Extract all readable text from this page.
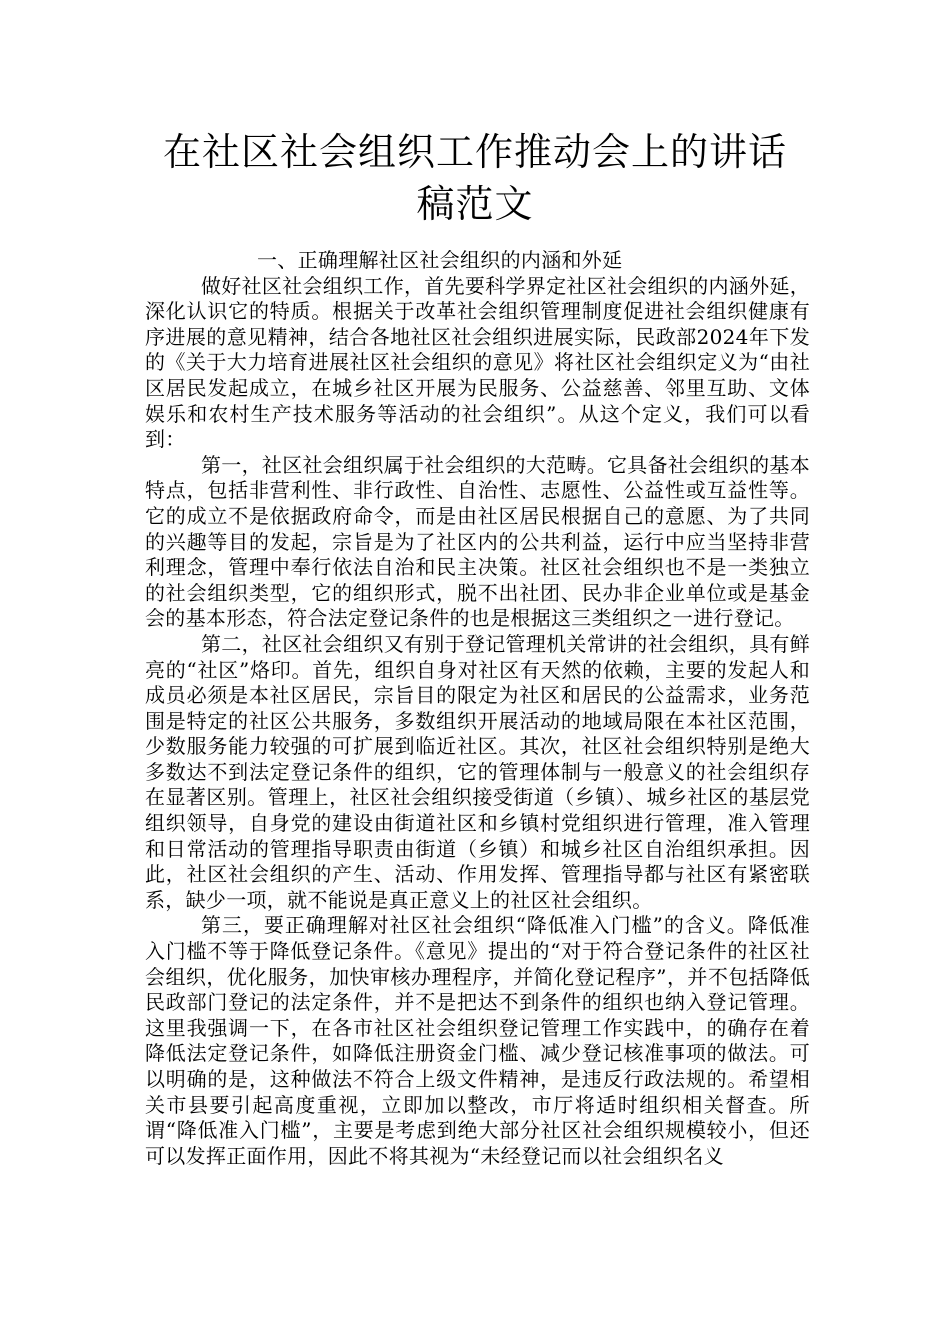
在社区社会组织工作推动会上的讲话稿范文

一、正确理解社区社会组织的内涵和外延

做好社区社会组织工作，首先要科学界定社区社会组织的内涵外延，深化认识它的特质。根据关于改革社会组织管理制度促进社会组织健康有序进展的意见精神，结合各地社区社会组织进展实际，民政部2024年下发的《关于大力培育进展社区社会组织的意见》将社区社会组织定义为“由社区居民发起成立，在城乡社区开展为民服务、公益慈善、邻里互助、文体娱乐和农村生产技术服务等活动的社会组织”。从这个定义，我们可以看到：

第一，社区社会组织属于社会组织的大范畴。它具备社会组织的基本特点，包括非营利性、非行政性、自治性、志愿性、公益性或互益性等。它的成立不是依据政府命令，而是由社区居民根据自己的意愿、为了共同的兴趣等目的发起，宗旨是为了社区内的公共利益，运行中应当坚持非营利理念，管理中奉行依法自治和民主决策。社区社会组织也不是一类独立的社会组织类型，它的组织形式，脱不出社团、民办非企业单位或是基金会的基本形态，符合法定登记条件的也是根据这三类组织之一进行登记。

第二，社区社会组织又有别于登记管理机关常讲的社会组织，具有鲜亮的“社区”烙印。首先，组织自身对社区有天然的依赖，主要的发起人和成员必须是本社区居民，宗旨目的限定为社区和居民的公益需求，业务范围是特定的社区公共服务，多数组织开展活动的地域局限在本社区范围，少数服务能力较强的可扩展到临近社区。其次，社区社会组织特别是绝大多数达不到法定登记条件的组织，它的管理体制与一般意义的社会组织存在显著区别。管理上，社区社会组织接受街道（乡镇）、城乡社区的基层党组织领导，自身党的建设由街道社区和乡镇村党组织进行管理，准入管理和日常活动的管理指导职责由街道（乡镇）和城乡社区自治组织承担。因此，社区社会组织的产生、活动、作用发挥、管理指导都与社区有紧密联系，缺少一项，就不能说是真正意义上的社区社会组织。

第三，要正确理解对社区社会组织“降低准入门槛”的含义。降低准入门槛不等于降低登记条件。《意见》提出的“对于符合登记条件的社区社会组织，优化服务，加快审核办理程序，并简化登记程序”，并不包括降低民政部门登记的法定条件，并不是把达不到条件的组织也纳入登记管理。这里我强调一下，在各市社区社会组织登记管理工作实践中，的确存在着降低法定登记条件，如降低注册资金门槛、减少登记核准事项的做法。可以明确的是，这种做法不符合上级文件精神，是违反行政法规的。希望相关市县要引起高度重视，立即加以整改，市厅将适时组织相关督查。所谓“降低准入门槛”，主要是考虑到绝大部分社区社会组织规模较小，但还可以发挥正面作用，因此不将其视为“未经登记而以社会组织名义
